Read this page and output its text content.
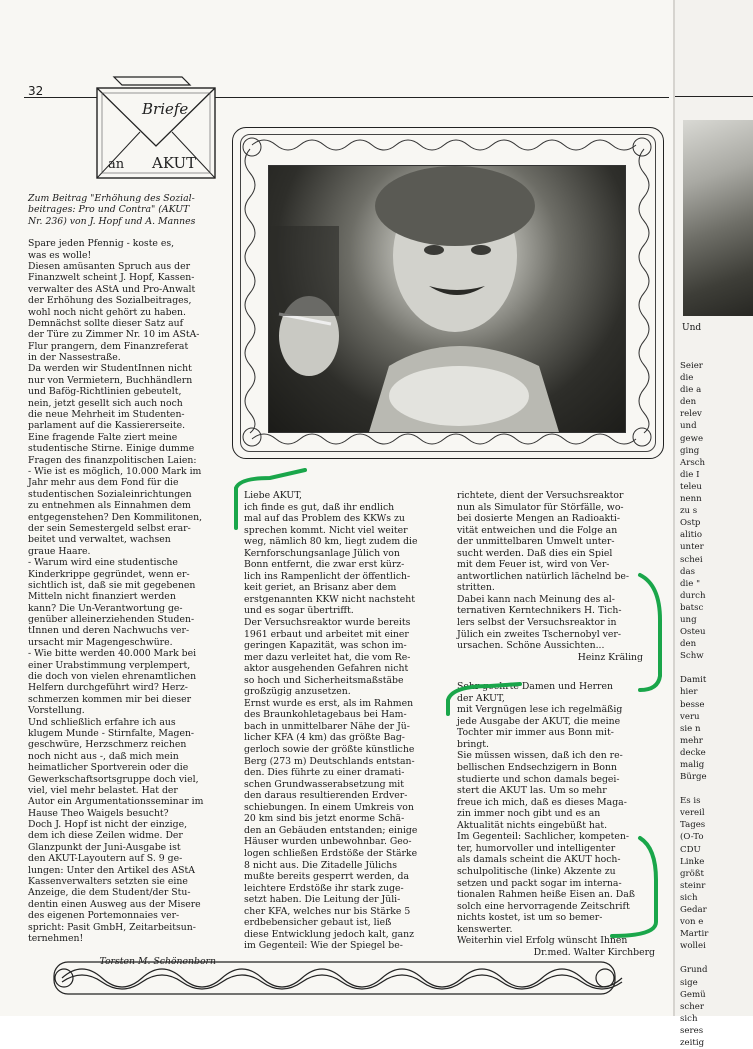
32
Briefe
an AKUT
Zum Beitrag "Erhöhung des Sozial-
beitrages: Pro und Contra" (AKUT
Nr. 236) von J. Hopf und A. Mannes
Spare jeden Pfennig - koste es,
was es wolle!
Diesen amüsanten Spruch aus der
Finanzwelt scheint J. Hopf, Kassen-
verwalter des AStA und Pro-Anwalt
der Erhöhung des Sozialbeitrages,
wohl noch nicht gehört zu haben.
Demnächst sollte dieser Satz auf
der Türe zu Zimmer Nr. 10 im AStA-
Flur prangern, dem Finanzreferat
in der Nassestraße.
Da werden wir StudentInnen nicht
nur von Vermietern, Buchhändlern
und Bafög-Richtlinien gebeutelt,
nein, jetzt gesellt sich auch noch
die neue Mehrheit im Studenten-
parlament auf die Kassiererseite.
Eine fragende Falte ziert meine
studentische Stirne. Einige dumme
Fragen des finanzpolitischen Laien:
- Wie ist es möglich, 10.000 Mark im
Jahr mehr aus dem Fond für die
studentischen Sozialeinrichtungen
zu entnehmen als Einnahmen dem
entgegenstehen? Den Kommilitonen,
der sein Semestergeld selbst erar-
beitet und verwaltet, wachsen
graue Haare.
- Warum wird eine studentische
Kinderkrippe gegründet, wenn er-
sichtlich ist, daß sie mit gegebenen
Mitteln nicht finanziert werden
kann? Die Un-Verantwortung ge-
genüber alleinerziehenden Studen-
tInnen und deren Nachwuchs ver-
ursacht mir Magengeschwüre.
- Wie bitte werden 40.000 Mark bei
einer Urabstimmung verplempert,
die doch von vielen ehrenamtlichen
Helfern durchgeführt wird? Herz-
schmerzen kommen mir bei dieser
Vorstellung.
Und schließlich erfahre ich aus
klugem Munde - Stirnfalte, Magen-
geschwüre, Herzschmerz reichen
noch nicht aus -, daß mich mein
heimatlicher Sportverein oder die
Gewerkschaftsortsgruppe doch viel,
viel, viel mehr belastet. Hat der
Autor ein Argumentationsseminar im
Hause Theo Waigels besucht?
Doch J. Hopf ist nicht der einzige,
dem ich diese Zeilen widme. Der
Glanzpunkt der Juni-Ausgabe ist
den AKUT-Layoutern auf S. 9 ge-
lungen: Unter den Artikel des AStA
Kassenverwalters setzten sie eine
Anzeige, die dem Student/der Stu-
dentin einen Ausweg aus der Misere
des eigenen Portemonnaies ver-
spricht: Pasit GmbH, Zeitarbeitsun-
ternehmen!
Torsten M. Schönenborn
Liebe AKUT,
ich finde es gut, daß ihr endlich
mal auf das Problem des KKWs zu
sprechen kommt. Nicht viel weiter
weg, nämlich 80 km, liegt zudem die
Kernforschungsanlage Jülich von
Bonn entfernt, die zwar erst kürz-
lich ins Rampenlicht der öffentlich-
keit geriet, an Brisanz aber dem
erstgenannten KKW nicht nachsteht
und es sogar übertrifft.
Der Versuchsreaktor wurde bereits
1961 erbaut und arbeitet mit einer
geringen Kapazität, was schon im-
mer dazu verleitet hat, die vom Re-
aktor ausgehenden Gefahren nicht
so hoch und Sicherheitsmaßstäbe
großzügig anzusetzen.
Ernst wurde es erst, als im Rahmen
des Braunkohletagebaus bei Ham-
bach in unmittelbarer Nähe der Jü-
licher KFA (4 km) das größte Bag-
gerloch sowie der größte künstliche
Berg (273 m) Deutschlands entstan-
den. Dies führte zu einer dramati-
schen Grundwasserabsetzung mit
den daraus resultierenden Erdver-
schiebungen. In einem Umkreis von
20 km sind bis jetzt enorme Schä-
den an Gebäuden entstanden; einige
Häuser wurden unbewohnbar. Geo-
logen schließen Erdstöße der Stärke
8 nicht aus. Die Zitadelle Jülichs
mußte bereits gesperrt werden, da
leichtere Erdstöße ihr stark zuge-
setzt haben. Die Leitung der Jüli-
cher KFA, welches nur bis Stärke 5
erdbebensicher gebaut ist, ließ
diese Entwicklung jedoch kalt, ganz
im Gegenteil: Wie der Spiegel be-
richtete, dient der Versuchsreaktor
nun als Simulator für Störfälle, wo-
bei dosierte Mengen an Radioakti-
vität entweichen und die Folge an
der unmittelbaren Umwelt unter-
sucht werden. Daß dies ein Spiel
mit dem Feuer ist, wird von Ver-
antwortlichen natürlich lächelnd be-
stritten.
Dabei kann nach Meinung des al-
ternativen Kerntechnikers H. Tich-
lers selbst der Versuchsreaktor in
Jülich ein zweites Tschernobyl ver-
ursachen. Schöne Aussichten...
Heinz Kräling
Sehr geehrte Damen und Herren
der AKUT,
mit Vergnügen lese ich regelmäßig
jede Ausgabe der AKUT, die meine
Tochter mir immer aus Bonn mit-
bringt.
Sie müssen wissen, daß ich den re-
bellischen Endsechzigern in Bonn
studierte und schon damals begei-
stert die AKUT las. Um so mehr
freue ich mich, daß es dieses Maga-
zin immer noch gibt und es an
Aktualität nichts eingebüßt hat.
Im Gegenteil: Sachlicher, kompeten-
ter, humorvoller und intelligenter
als damals scheint die AKUT hoch-
schulpolitische (linke) Akzente zu
setzen und packt sogar im interna-
tionalen Rahmen heiße Eisen an. Daß
solch eine hervorragende Zeitschrift
nichts kostet, ist um so bemer-
kenswerter.
Weiterhin viel Erfolg wünscht Ihnen
Dr.med. Walter Kirchberg
Und
Seier
die
die a
den
relev
und
gewe
ging
Arsch
die I
teleu
nenn
zu s
Ostp
alitio
unter
schei
das
die "
durch
batsc
ung
Osteu
den
Schw
Damit
hier
besse
veru
sie n
mehr
decke
malig
Bürge
Es is
vereil
Tages
(O-To
CDU
Linke
größt
steinr
sich
Gedar
von e
Martir
wollei
Grund
sige
Gemü
scher
sich
seres
zeitig
